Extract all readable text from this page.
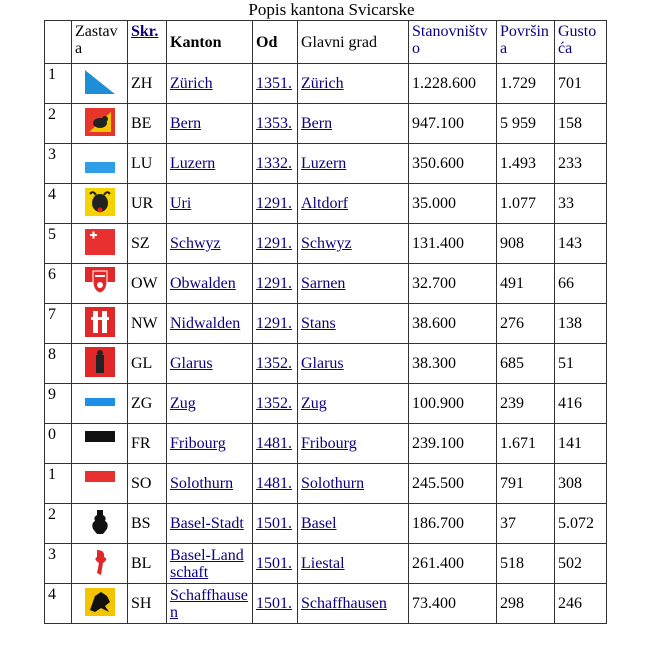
Popis kantona Svicarske
	Zastava	Skr.	Kanton	Od	Glavni grad	Stanovništvo	Površina	Gustoća
1		ZH	Zürich	1351.	Zürich	1.228.600	1.729	701
2		BE	Bern	1353.	Bern	947.100	5 959	158
3		LU	Luzern	1332.	Luzern	350.600	1.493	233
4		UR	Uri	1291.	Altdorf	35.000	1.077	33
5		SZ	Schwyz	1291.	Schwyz	131.400	908	143
6		OW	Obwalden	1291.	Sarnen	32.700	491	66
7		NW	Nidwalden	1291.	Stans	38.600	276	138
8		GL	Glarus	1352.	Glarus	38.300	685	51
9		ZG	Zug	1352.	Zug	100.900	239	416
0		FR	Fribourg	1481.	Fribourg	239.100	1.671	141
1		SO	Solothurn	1481.	Solothurn	245.500	791	308
2		BS	Basel-Stadt	1501.	Basel	186.700	37	5.072
3		BL	Basel-Landschaft	1501.	Liestal	261.400	518	502
4		SH	Schaffhausen	1501.	Schaffhausen	73.400	298	246
